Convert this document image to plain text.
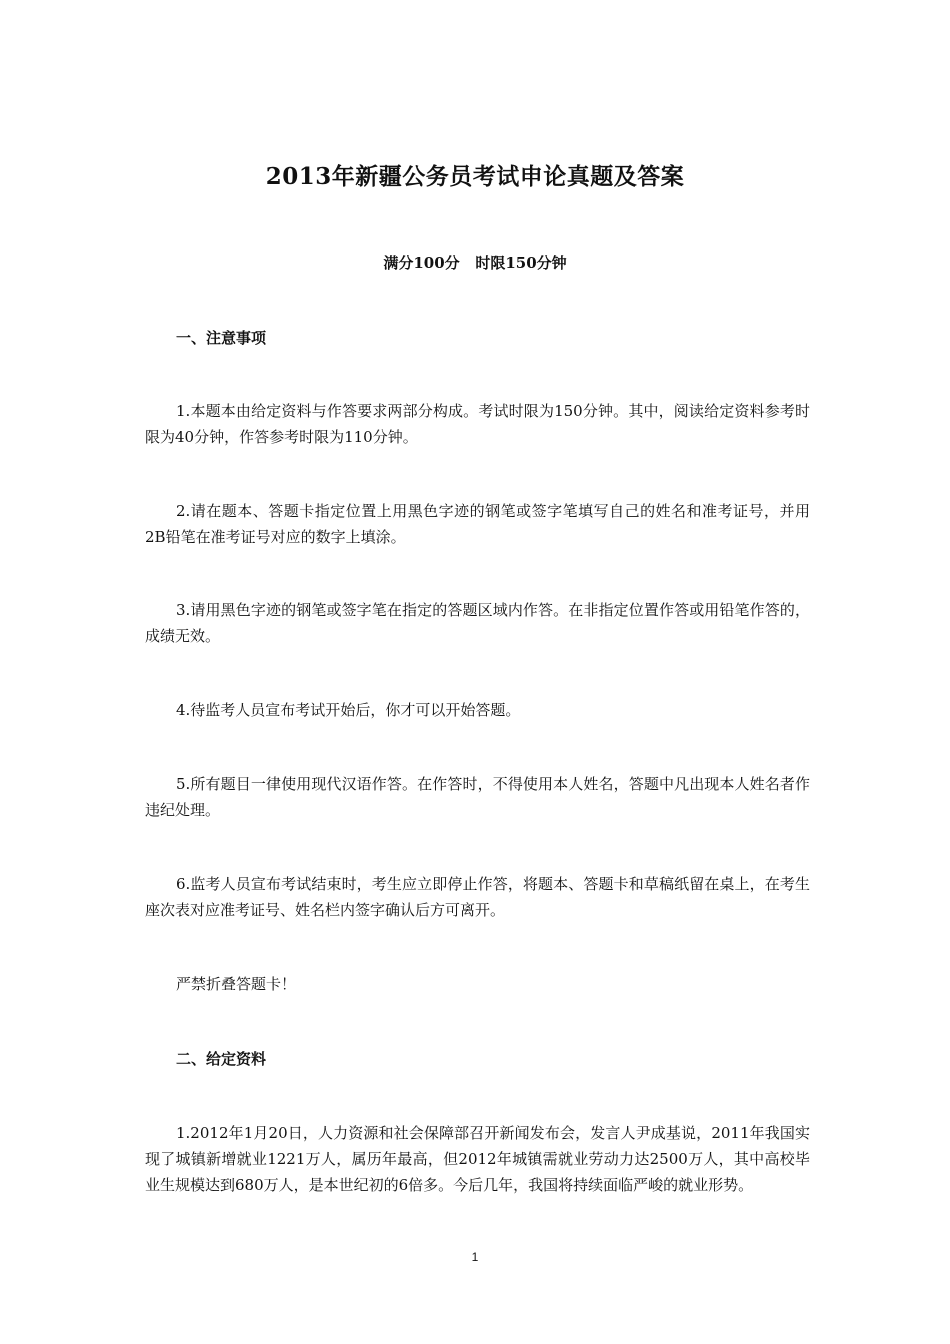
2013年新疆公务员考试申论真题及答案
满分100分   时限150分钟
一、注意事项
1.本题本由给定资料与作答要求两部分构成。考试时限为150分钟。其中，阅读给定资料参考时限为40分钟，作答参考时限为110分钟。
2.请在题本、答题卡指定位置上用黑色字迹的钢笔或签字笔填写自己的姓名和准考证号，并用2B铅笔在准考证号对应的数字上填涂。
3.请用黑色字迹的钢笔或签字笔在指定的答题区域内作答。在非指定位置作答或用铅笔作答的，成绩无效。
4.待监考人员宣布考试开始后，你才可以开始答题。
5.所有题目一律使用现代汉语作答。在作答时，不得使用本人姓名，答题中凡出现本人姓名者作违纪处理。
6.监考人员宣布考试结束时，考生应立即停止作答，将题本、答题卡和草稿纸留在桌上，在考生座次表对应准考证号、姓名栏内签字确认后方可离开。
严禁折叠答题卡！
二、给定资料
1.2012年1月20日，人力资源和社会保障部召开新闻发布会，发言人尹成基说，2011年我国实现了城镇新增就业1221万人，属历年最高，但2012年城镇需就业劳动力达2500万人，其中高校毕业生规模达到680万人，是本世纪初的6倍多。今后几年，我国将持续面临严峻的就业形势。
1
